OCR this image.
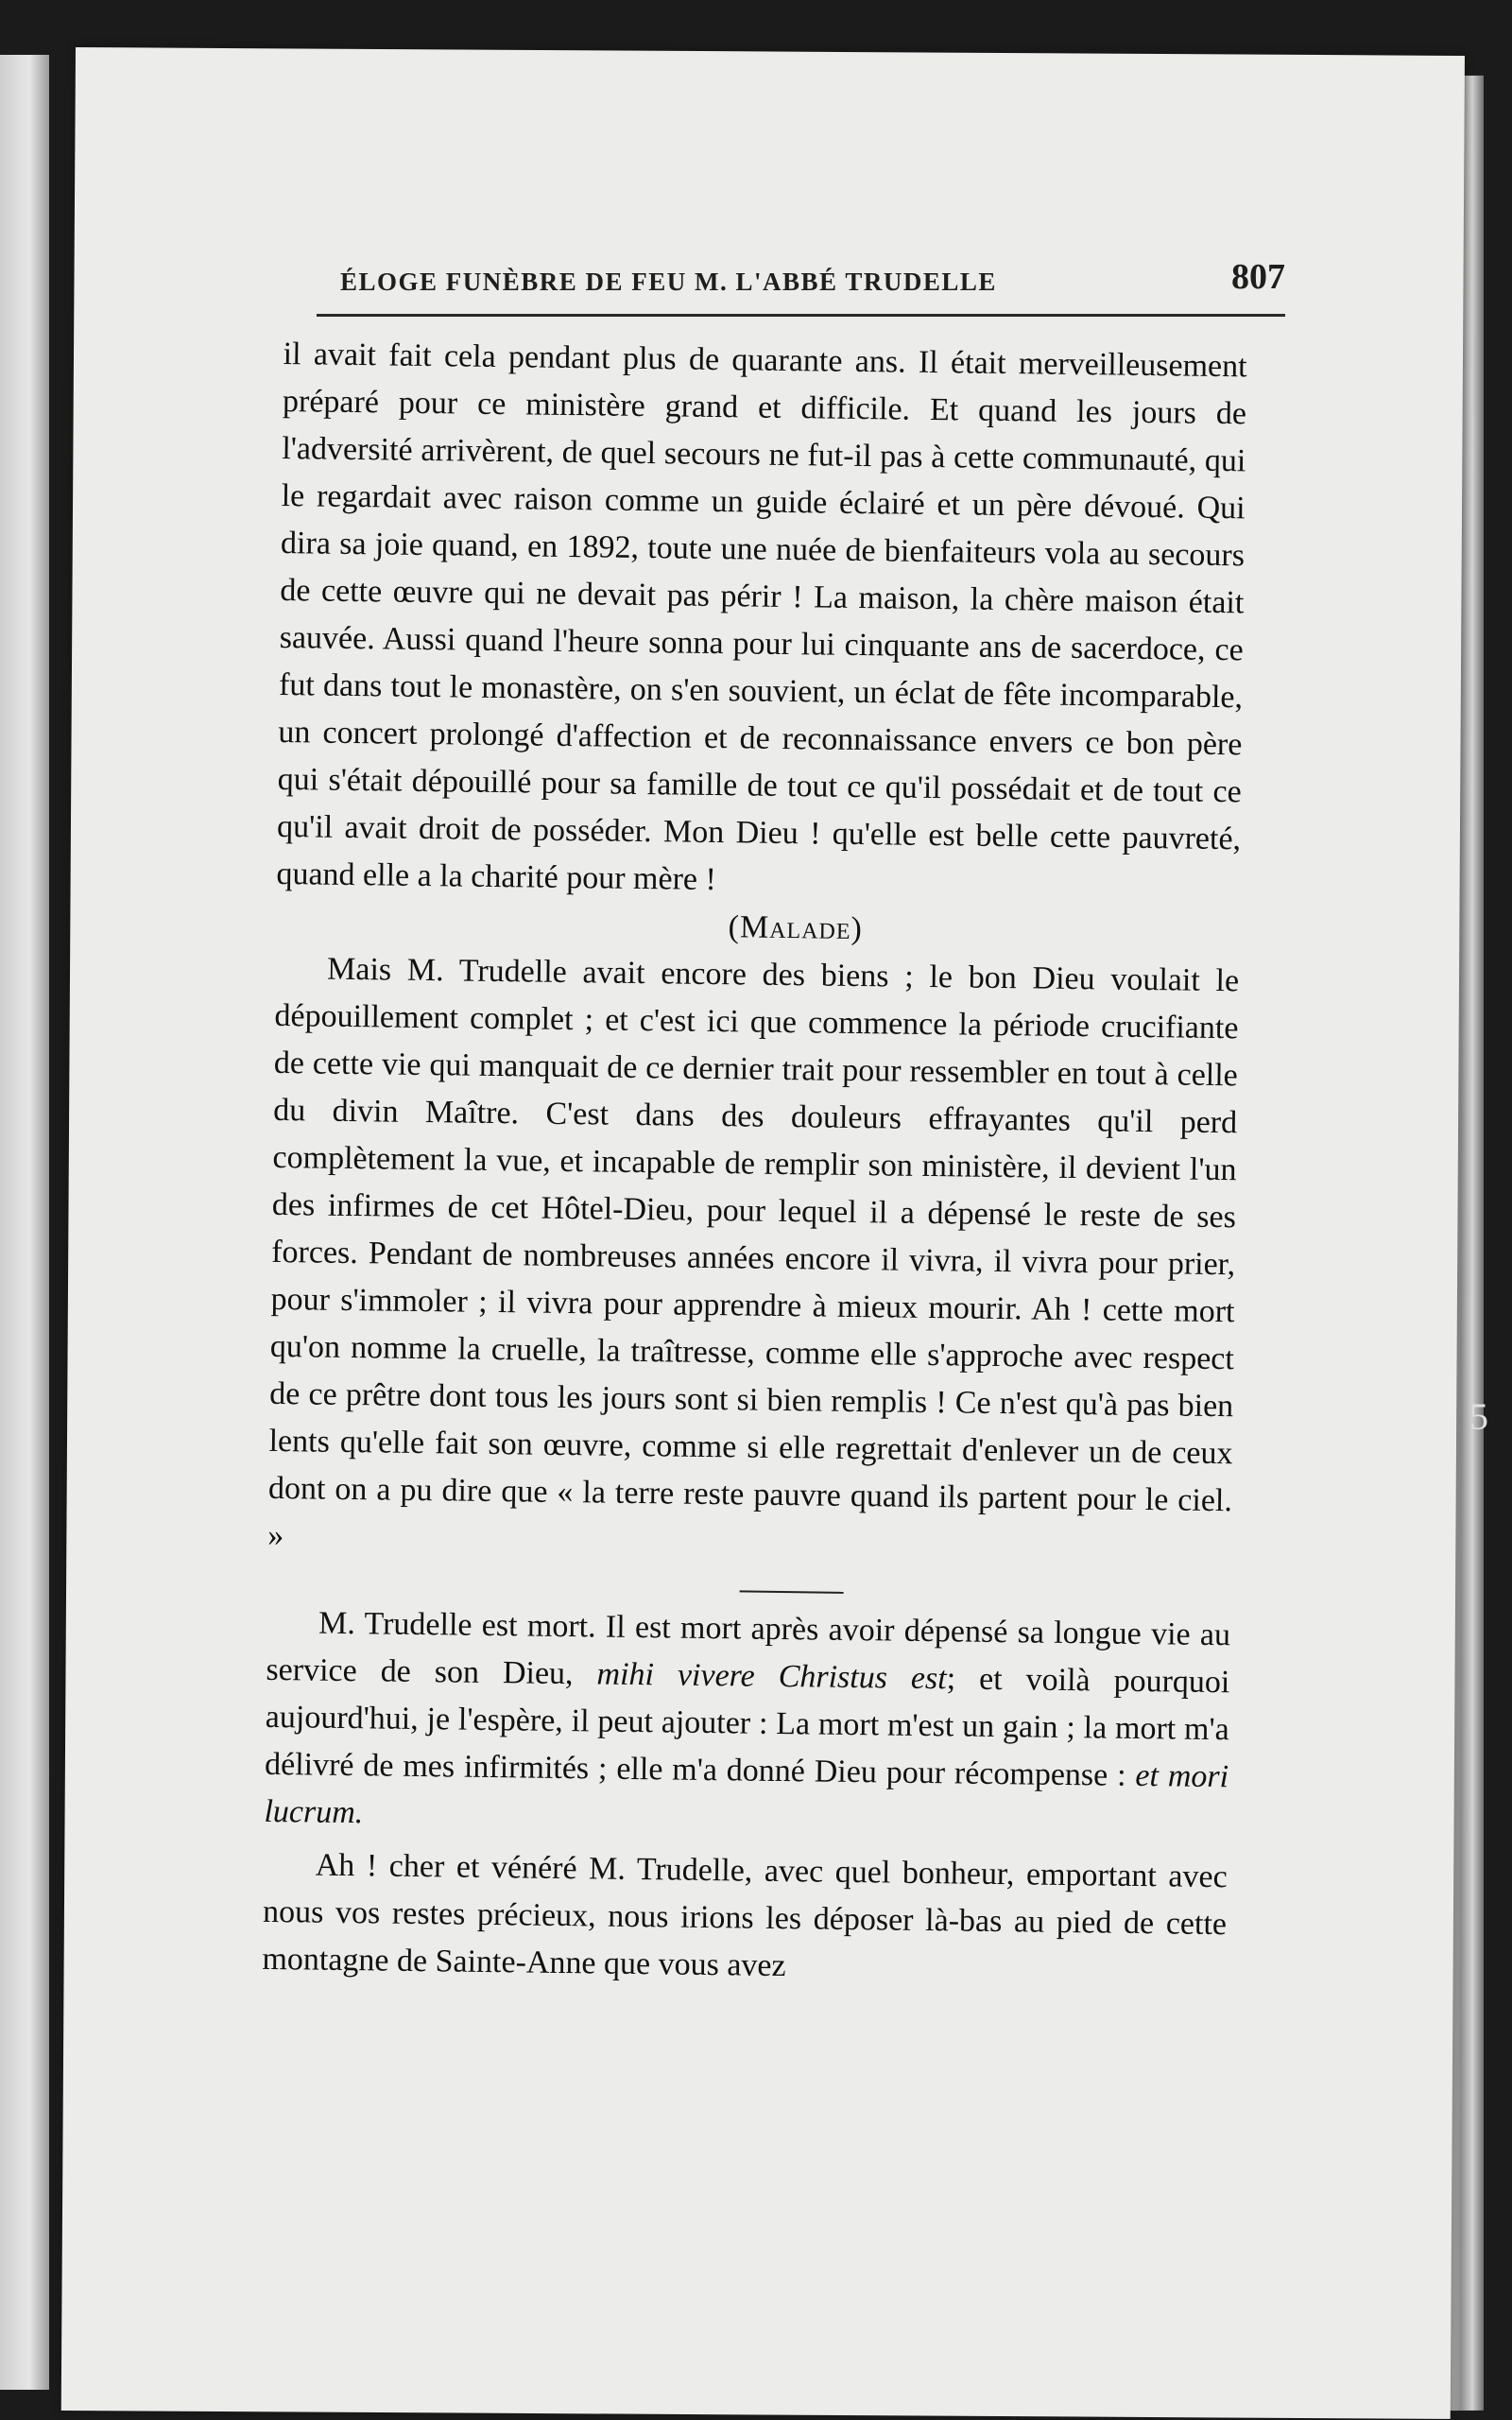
ÉLOGE FUNÈBRE DE FEU M. L'ABBÉ TRUDELLE	807

il avait fait cela pendant plus de quarante ans. Il était merveilleusement préparé pour ce ministère grand et difficile. Et quand les jours de l'adversité arrivèrent, de quel secours ne fut-il pas à cette communauté, qui le regardait avec raison comme un guide éclairé et un père dévoué. Qui dira sa joie quand, en 1892, toute une nuée de bienfaiteurs vola au secours de cette œuvre qui ne devait pas périr ! La maison, la chère maison était sauvée. Aussi quand l'heure sonna pour lui cinquante ans de sacerdoce, ce fut dans tout le monastère, on s'en souvient, un éclat de fête incomparable, un concert prolongé d'affection et de reconnaissance envers ce bon père qui s'était dépouillé pour sa famille de tout ce qu'il possédait et de tout ce qu'il avait droit de posséder. Mon Dieu ! qu'elle est belle cette pauvreté, quand elle a la charité pour mère !

(Malade)

Mais M. Trudelle avait encore des biens ; le bon Dieu voulait le dépouillement complet ; et c'est ici que commence la période crucifiante de cette vie qui manquait de ce dernier trait pour ressembler en tout à celle du divin Maître. C'est dans des douleurs effrayantes qu'il perd complètement la vue, et incapable de remplir son ministère, il devient l'un des infirmes de cet Hôtel-Dieu, pour lequel il a dépensé le reste de ses forces. Pendant de nombreuses années encore il vivra, il vivra pour prier, pour s'immoler ; il vivra pour apprendre à mieux mourir. Ah ! cette mort qu'on nomme la cruelle, la traîtresse, comme elle s'approche avec respect de ce prêtre dont tous les jours sont si bien remplis ! Ce n'est qu'à pas bien lents qu'elle fait son œuvre, comme si elle regrettait d'enlever un de ceux dont on a pu dire que « la terre reste pauvre quand ils partent pour le ciel. »

M. Trudelle est mort. Il est mort après avoir dépensé sa longue vie au service de son Dieu, mihi vivere Christus est; et voilà pourquoi aujourd'hui, je l'espère, il peut ajouter : La mort m'est un gain ; la mort m'a délivré de mes infirmités ; elle m'a donné Dieu pour récompense : et mori lucrum.

Ah ! cher et vénéré M. Trudelle, avec quel bonheur, emportant avec nous vos restes précieux, nous irions les déposer là-bas au pied de cette montagne de Sainte-Anne que vous avez

5
